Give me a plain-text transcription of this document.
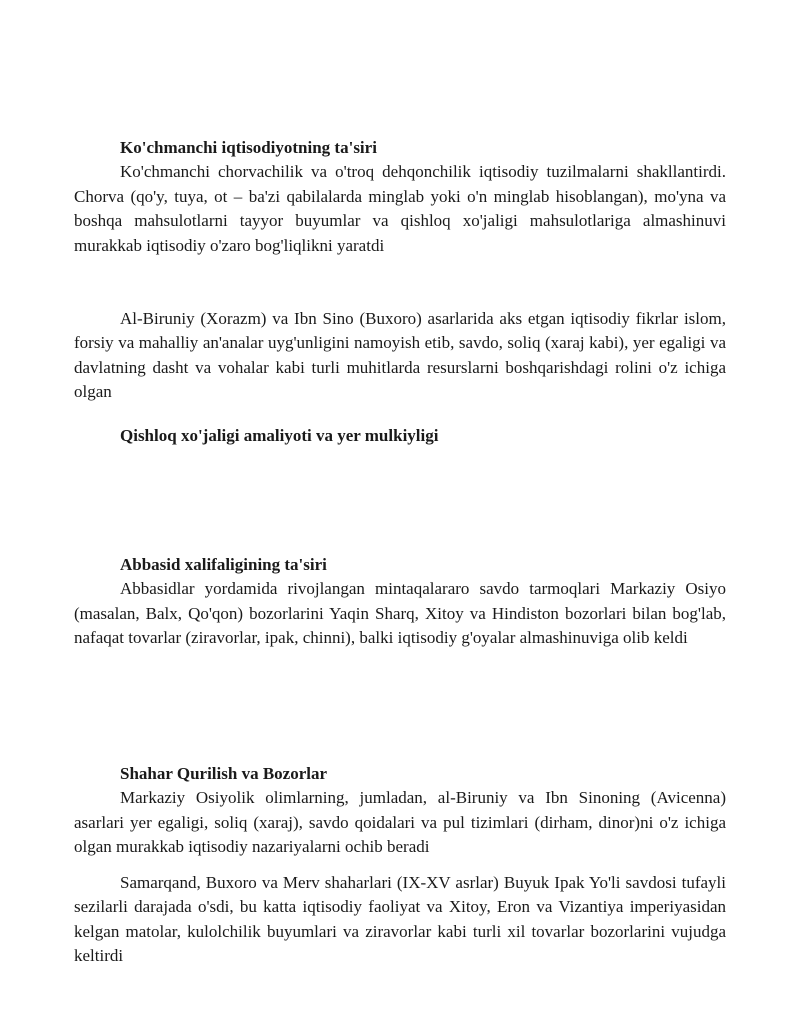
Ko'chmanchi iqtisodiyotning ta'siri

Ko'chmanchi chorvachilik va o'troq dehqonchilik iqtisodiy tuzilmalarni shakllantirdi. Chorva (qo'y, tuya, ot – ba'zi qabilalarda minglab yoki o'n minglab hisoblangan), mo'yna va boshqa mahsulotlarni tayyor buyumlar va qishloq xo'jaligi mahsulotlariga almashinuvi murakkab iqtisodiy o'zaro bog'liqlikni yaratdi

Al-Biruniy (Xorazm) va Ibn Sino (Buxoro) asarlarida aks etgan iqtisodiy fikrlar islom, forsiy va mahalliy an'analar uyg'unligini namoyish etib, savdo, soliq (xaraj kabi), yer egaligi va davlatning dasht va vohalar kabi turli muhitlarda resurslarni boshqarishdagi rolini o'z ichiga olgan

Qishloq xo'jaligi amaliyoti va yer mulkiyligi
Abbasid xalifaligining ta'siri

Abbasidlar yordamida rivojlangan mintaqalararo savdo tarmoqlari Markaziy Osiyo (masalan, Balx, Qo'qon) bozorlarini Yaqin Sharq, Xitoy va Hindiston bozorlari bilan bog'lab, nafaqat tovarlar (ziravorlar, ipak, chinni), balki iqtisodiy g'oyalar almashinuviga olib keldi

Shahar Qurilish va Bozorlar

Markaziy Osiyolik olimlarning, jumladan, al-Biruniy va Ibn Sinoning (Avicenna) asarlari yer egaligi, soliq (xaraj), savdo qoidalari va pul tizimlari (dirham, dinor)ni o'z ichiga olgan murakkab iqtisodiy nazariyalarni ochib beradi

Samarqand, Buxoro va Merv shaharlari (IX-XV asrlar) Buyuk Ipak Yo'li savdosi tufayli sezilarli darajada o'sdi, bu katta iqtisodiy faoliyat va Xitoy, Eron va Vizantiya imperiyasidan kelgan matolar, kulolchilik buyumlari va ziravorlar kabi turli xil tovarlar bozorlarini vujudga keltirdi
